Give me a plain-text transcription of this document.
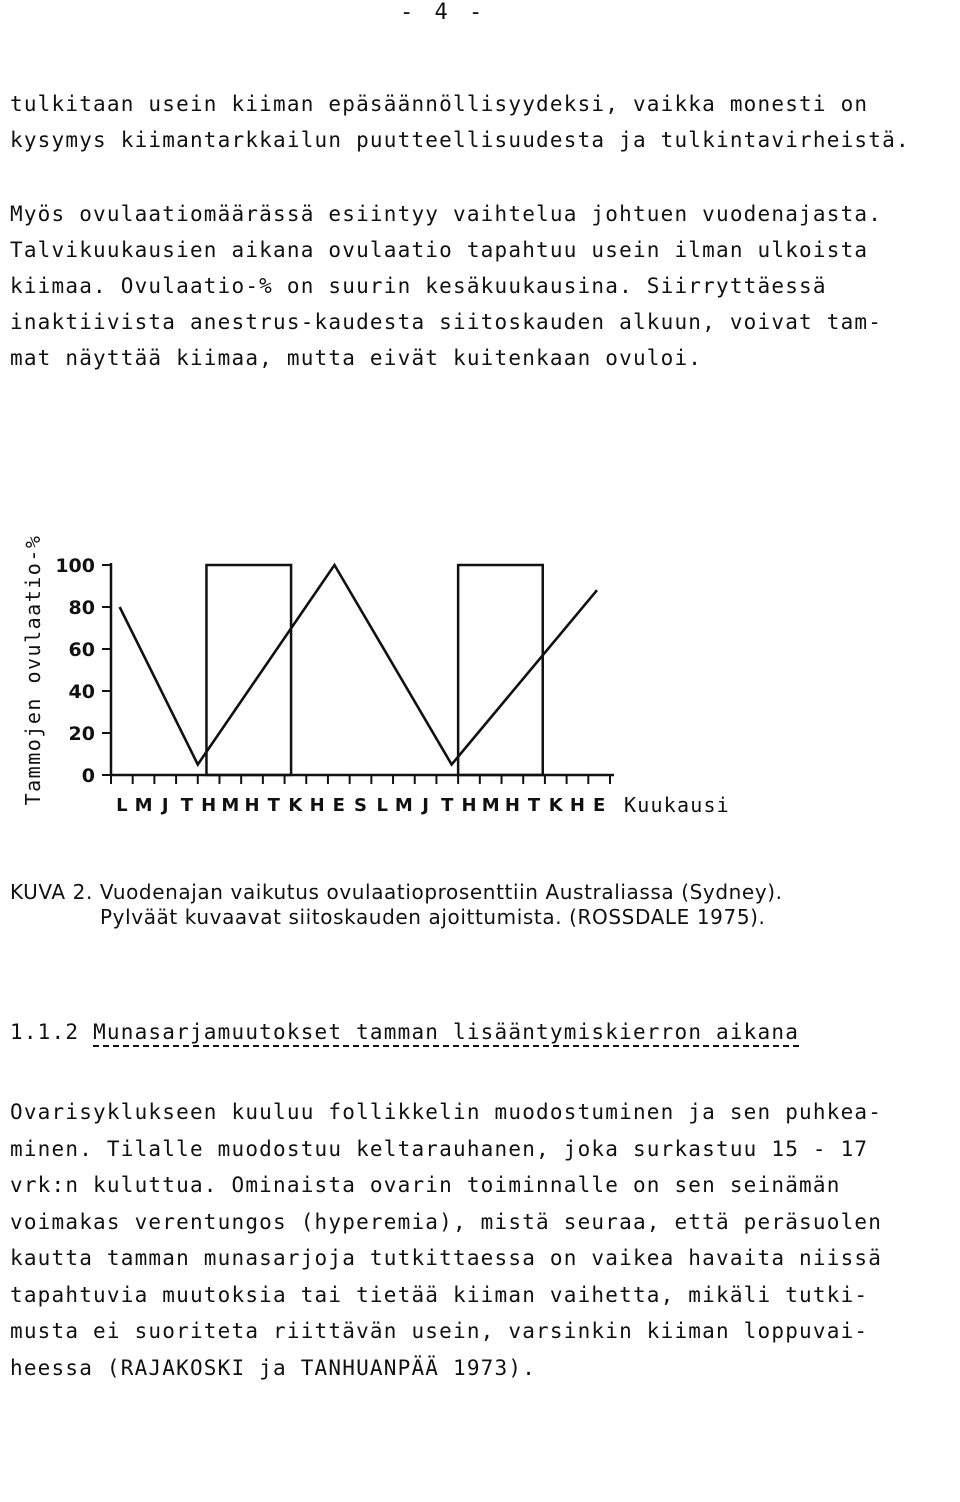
- 4 -
tulkitaan usein kiiman epäsäännöllisyydeksi, vaikka monesti on
kysymys kiimantarkkailun puutteellisuudesta ja tulkintavirheistä.
Myös ovulaatiomäärässä esiintyy vaihtelua johtuen vuodenajasta.
Talvikuukausien aikana ovulaatio tapahtuu usein ilman ulkoista
kiimaa. Ovulaatio-% on suurin kesäkuukausina. Siirryttäessä
inaktiivista anestrus-kaudesta siitoskauden alkuun, voivat tam-
mat näyttää kiimaa, mutta eivät kuitenkaan ovuloi.
100
80
60
40
20
0
Tammojen ovulaatio-%
L M J T H M H T K H E S L M J T H M H T K H E Kuukausi
KUVA 2. Vuodenajan vaikutus ovulaatioprosenttiin Australiassa (Sydney).
Pylväät kuvaavat siitoskauden ajoittumista. (ROSSDALE 1975).
1.1.2 Munasarjamuutokset tamman lisääntymiskierron aikana
Ovarisyklukseen kuuluu follikkelin muodostuminen ja sen puhkea-
minen. Tilalle muodostuu keltarauhanen, joka surkastuu 15 - 17
vrk:n kuluttua. Ominaista ovarin toiminnalle on sen seinämän
voimakas verentungos (hyperemia), mistä seuraa, että peräsuolen
kautta tamman munasarjoja tutkittaessa on vaikea havaita niissä
tapahtuvia muutoksia tai tietää kiiman vaihetta, mikäli tutki-
musta ei suoriteta riittävän usein, varsinkin kiiman loppuvai-
heessa (RAJAKOSKI ja TANHUANPÄÄ 1973).
